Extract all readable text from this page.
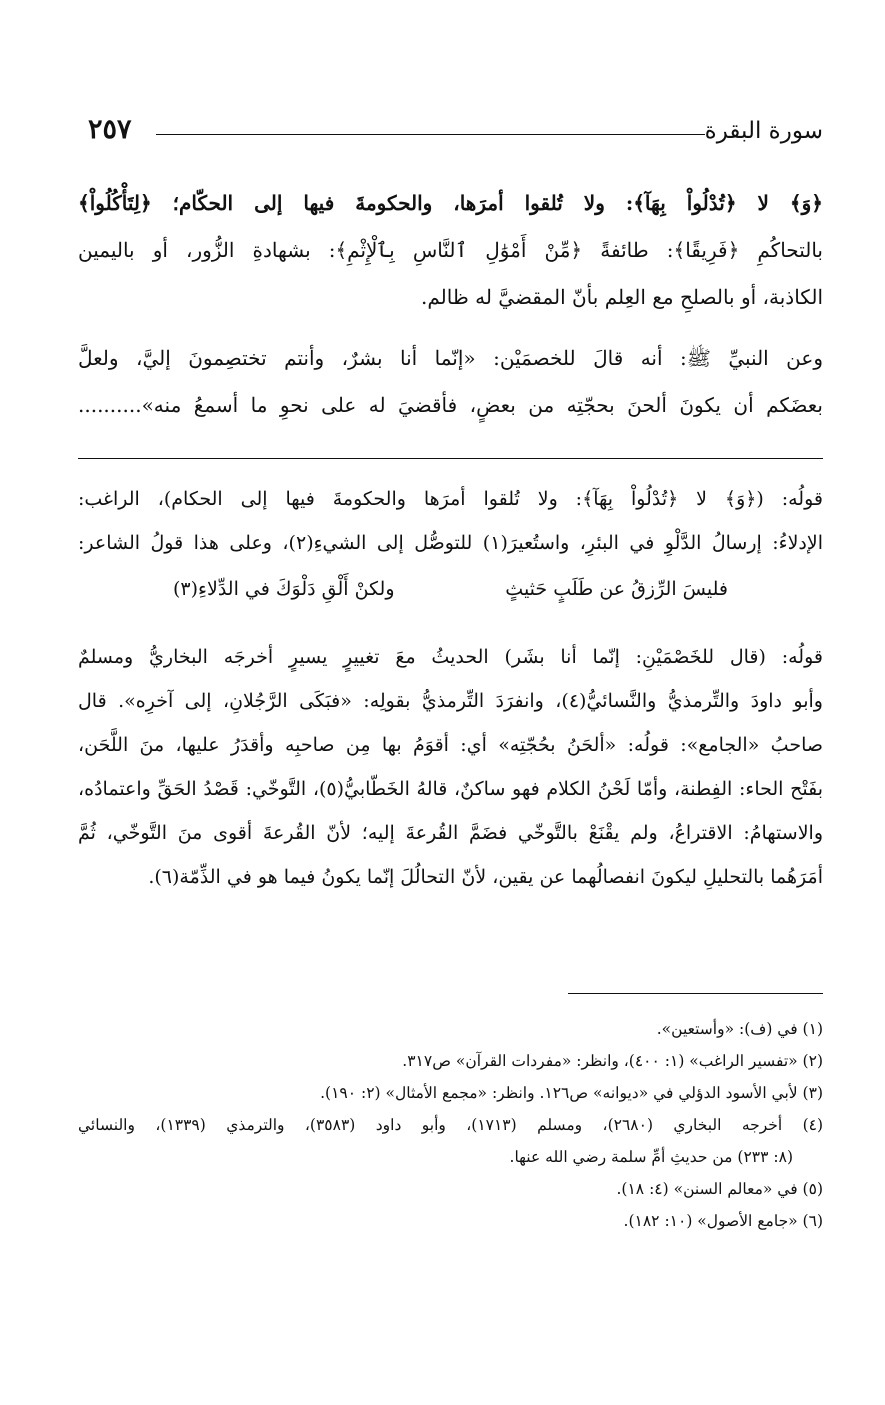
٢٥٧	سورة البقرة
﴿وَ﴾ لا ﴿تُدْلُواْ بِهَآ﴾: ولا تُلقوا أمرَها، والحكومةَ فيها إلى الحكّام؛ ﴿لِتَأْكُلُواْ﴾
بالتحاكُمِ ﴿فَرِيقًا﴾: طائفةً ﴿مِّنْ أَمْوَٰلِ ٱلنَّاسِ بِٱلْإِثْمِ﴾: بشهادةِ الزُّور، أو باليمين
الكاذبة، أو بالصلحِ مع العِلم بأنّ المقضيَّ له ظالم.
وعن النبيِّ ﷺ: أنه قالَ للخصمَيْن: «إنّما أنا بشرٌ، وأنتم تختصِمونَ إليَّ، ولعلَّ
بعضَكم أن يكونَ ألحنَ بحجّتِه من بعضٍ، فأقضيَ له على نحوِ ما أسمعُ منه»..........
قولُه: (﴿وَ﴾ لا ﴿تُدْلُواْ بِهَآ﴾: ولا تُلقوا أمرَها والحكومةَ فيها إلى الحكام)، الراغب:
الإدلاءُ: إرسالُ الدَّلْوِ في البئرِ، واستُعيرَ(١) للتوصُّل إلى الشيءِ(٢)، وعلى هذا قولُ الشاعر:
فليسَ الرِّزقُ عن طَلَبٍ حَثيثٍ
ولكنْ أَلْقِ دَلْوَكَ في الدِّلاءِ(٣)
قولُه: (قال للخَصْمَيْنِ: إنّما أنا بشَر) الحديثُ معَ تغييرٍ يسيرٍ أخرجَه البخاريُّ ومسلمٌ
وأبو داودَ والتِّرمذيُّ والنَّسائيُّ(٤)، وانفرَدَ التِّرمذيُّ بقولِه: «فبَكَى الرَّجُلانِ، إلى آخرِه». قال
صاحبُ «الجامع»: قولُه: «ألحَنُ بحُجّتِه» أي: أقوَمُ بها مِن صاحبِه وأقدَرُ عليها، منَ اللَّحَن،
بفَتْح الحاء: الفِطنة، وأمّا لَحْنُ الكلام فهو ساكنٌ، قالهُ الخَطّابيُّ(٥)، التَّوخّي: قَصْدُ الحَقِّ واعتمادُه،
والاستهامُ: الاقتراعُ، ولم يقْنَعْ بالتَّوخّي فضَمَّ القُرعةَ إليه؛ لأنّ القُرعةَ أقوى منَ التَّوخّي، ثُمَّ
أمَرَهُما بالتحليلِ ليكونَ انفصالُهما عن يقين، لأنّ التحالُلَ إنّما يكونُ فيما هو في الذِّمّة(٦).
(١) في (ف): «وأستعين».
(٢) «تفسير الراغب» (١: ٤٠٠)، وانظر: «مفردات القرآن» ص٣١٧.
(٣) لأبي الأسود الدؤلي في «ديوانه» ص١٢٦. وانظر: «مجمع الأمثال» (٢: ١٩٠).
(٤) أخرجه البخاري (٢٦٨٠)، ومسلم (١٧١٣)، وأبو داود (٣٥٨٣)، والترمذي (١٣٣٩)، والنسائي
(٨: ٢٣٣) من حديثِ أمِّ سلمة رضي الله عنها.
(٥) في «معالم السنن» (٤: ١٨).
(٦) «جامع الأصول» (١٠: ١٨٢).
